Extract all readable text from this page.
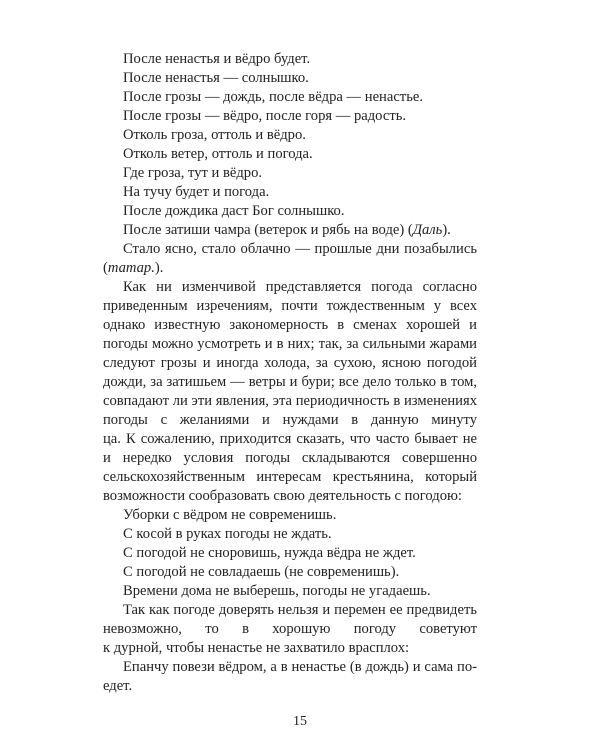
После ненастья и вёдро будет.
После ненастья — солнышко.
После грозы — дождь, после вёдра — ненастье.
После грозы — вёдро, после горя — радость.
Отколь гроза, оттоль и вёдро.
Отколь ветер, оттоль и погода.
Где гроза, тут и вёдро.
На тучу будет и погода.
После дождика даст Бог солнышко.
После затиши чамра (ветерок и рябь на воде) (Даль).
Стало ясно, стало облачно — прошлые дни позабылись
(татар.).
Как ни изменчивой представляется погода согласно
приведенным изречениям, почти тождественным у всех
однако известную закономерность в сменах хорошей и
погоды можно усмотреть и в них; так, за сильными жарами
следуют грозы и иногда холода, за сухою, ясною погодой
дожди, за затишьем — ветры и бури; все дело только в том,
совпадают ли эти явления, эта периодичность в изменениях
погоды с желаниями и нуждами в данную минуту
ца. К сожалению, приходится сказать, что часто бывает не
и нередко условия погоды складываются совершенно
сельскохозяйственным интересам крестьянина, который
возможности сообразовать свою деятельность с погодою:
Уборки с вёдром не современишь.
С косой в руках погоды не ждать.
С погодой не сноровишь, нужда вёдра не ждет.
С погодой не совладаешь (не современишь).
Времени дома не выберешь, погоды не угадаешь.
Так как погоде доверять нельзя и перемен ее предвидеть
невозможно, то в хорошую погоду советуют
к дурной, чтобы ненастье не захватило врасплох:
Епанчу повези вёдром, а в ненастье (в дождь) и сама по-
едет.
15
